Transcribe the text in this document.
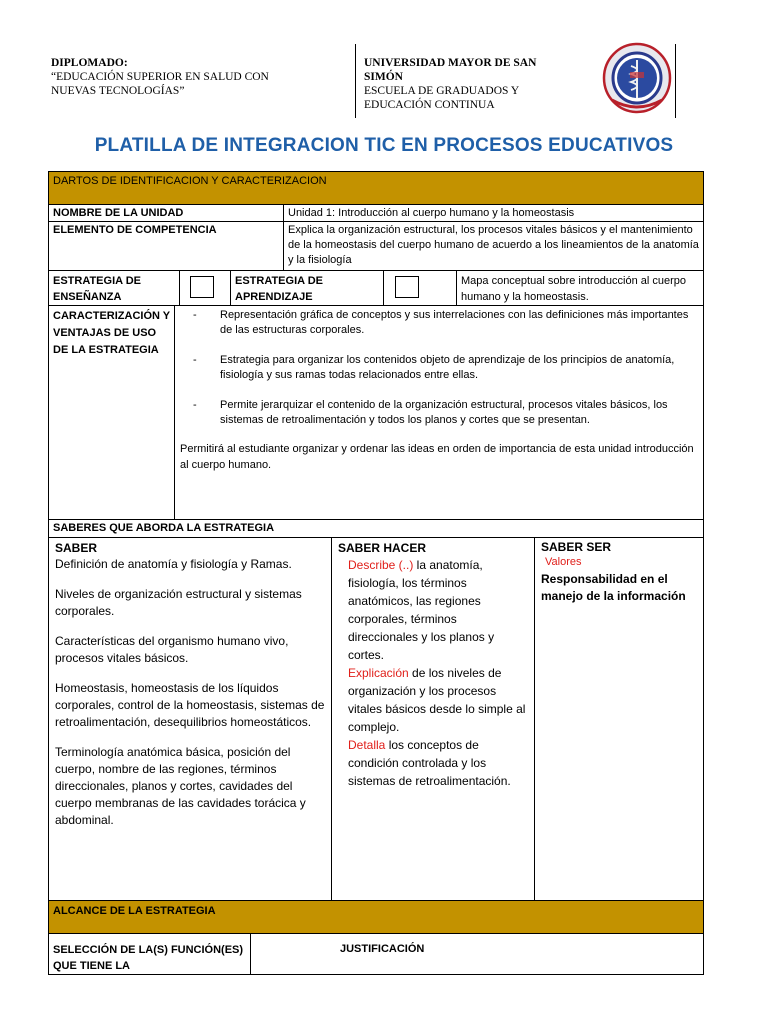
DIPLOMADO:
“EDUCACIÓN SUPERIOR EN SALUD CON
NUEVAS TECNOLOGÍAS”
UNIVERSIDAD MAYOR DE SAN
SIMÓN
ESCUELA DE GRADUADOS Y
EDUCACIÓN CONTINUA
PLATILLA DE INTEGRACION TIC EN PROCESOS EDUCATIVOS
DARTOS DE IDENTIFICACION Y CARACTERIZACION
NOMBRE DE LA UNIDAD	Unidad 1: Introducción al cuerpo humano y la homeostasis
ELEMENTO DE COMPETENCIA	Explica la organización estructural, los procesos vitales básicos y el mantenimiento de la homeostasis del cuerpo humano de acuerdo a los lineamientos de la anatomía y la fisiología
ESTRATEGIA DE ENSEÑANZA
ESTRATEGIA DE APRENDIZAJE
Mapa conceptual sobre introducción al cuerpo humano y la homeostasis.
CARACTERIZACIÓN Y VENTAJAS DE USO DE LA ESTRATEGIA
- Representación gráfica de conceptos y sus interrelaciones con las definiciones más importantes de las estructuras corporales.
- Estrategia para organizar los contenidos objeto de aprendizaje de los principios de anatomía, fisiología y sus ramas todas relacionados entre ellas.
- Permite jerarquizar el contenido de la organización estructural, procesos vitales básicos, los sistemas de retroalimentación y todos los planos y cortes que se presentan.
Permitirá al estudiante organizar y ordenar las ideas en orden de importancia de esta unidad introducción al cuerpo humano.
SABERES QUE ABORDA LA ESTRATEGIA
SABER

Definición de anatomía y fisiología y Ramas.

Niveles de organización estructural y sistemas corporales.

Características del organismo humano vivo, procesos vitales básicos.

Homeostasis, homeostasis de los líquidos corporales, control de la homeostasis, sistemas de retroalimentación, desequilibrios homeostáticos.

Terminología anatómica básica, posición del cuerpo, nombre de las regiones, términos direccionales, planos y cortes, cavidades del cuerpo membranas de las cavidades torácica y abdominal.

SABER HACER

Describe (..) la anatomía, fisiología, los términos anatómicos, las regiones corporales, términos direccionales y los planos y cortes.

Explicación de los niveles de organización y los procesos vitales básicos desde lo simple al complejo.

Detalla los conceptos de condición controlada y los sistemas de retroalimentación.

SABER SER
Valores
Responsabilidad en el manejo de la información
ALCANCE DE LA ESTRATEGIA
SELECCIÓN DE LA(S) FUNCIÓN(ES) QUE TIENE LA
JUSTIFICACIÓN
